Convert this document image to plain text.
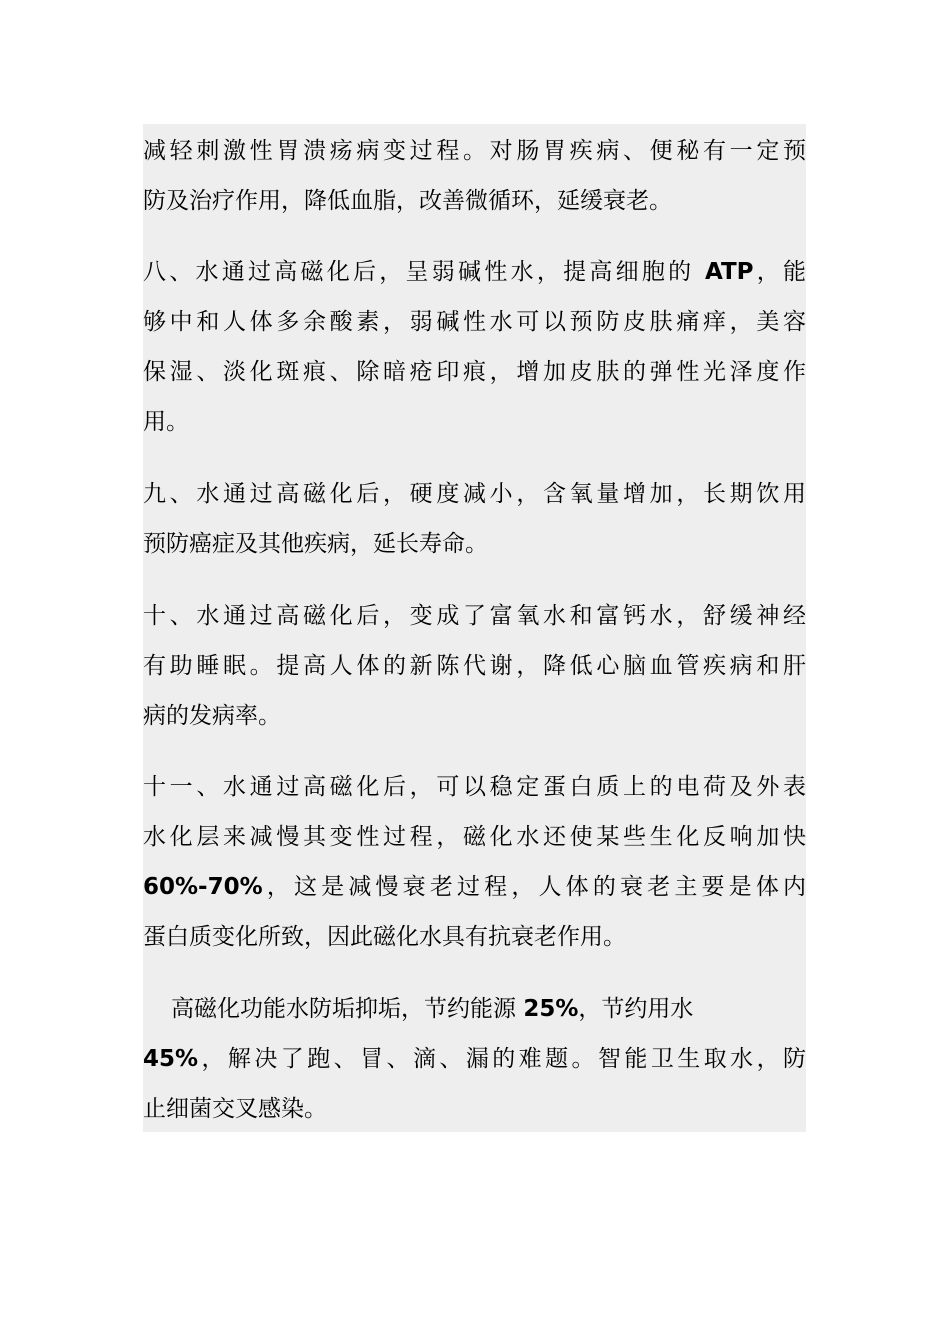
减轻刺激性胃溃疡病变过程。对肠胃疾病、便秘有一定预
防及治疗作用，降低血脂，改善微循环，延缓衰老。
八、水通过高磁化后，呈弱碱性水，提高细胞的 ATP，能
够中和人体多余酸素，弱碱性水可以预防皮肤痛痒，美容
保湿、淡化斑痕、除暗疮印痕，增加皮肤的弹性光泽度作
用。
九、水通过高磁化后，硬度减小，含氧量增加，长期饮用
预防癌症及其他疾病，延长寿命。
十、水通过高磁化后，变成了富氧水和富钙水，舒缓神经
有助睡眠。提高人体的新陈代谢，降低心脑血管疾病和肝
病的发病率。
十一、水通过高磁化后，可以稳定蛋白质上的电荷及外表
水化层来减慢其变性过程，磁化水还使某些生化反响加快
60%-70%，这是减慢衰老过程，人体的衰老主要是体内
蛋白质变化所致，因此磁化水具有抗衰老作用。
高磁化功能水防垢抑垢，节约能源 25%，节约用水
45%，解决了跑、冒、滴、漏的难题。智能卫生取水，防
止细菌交叉感染。
